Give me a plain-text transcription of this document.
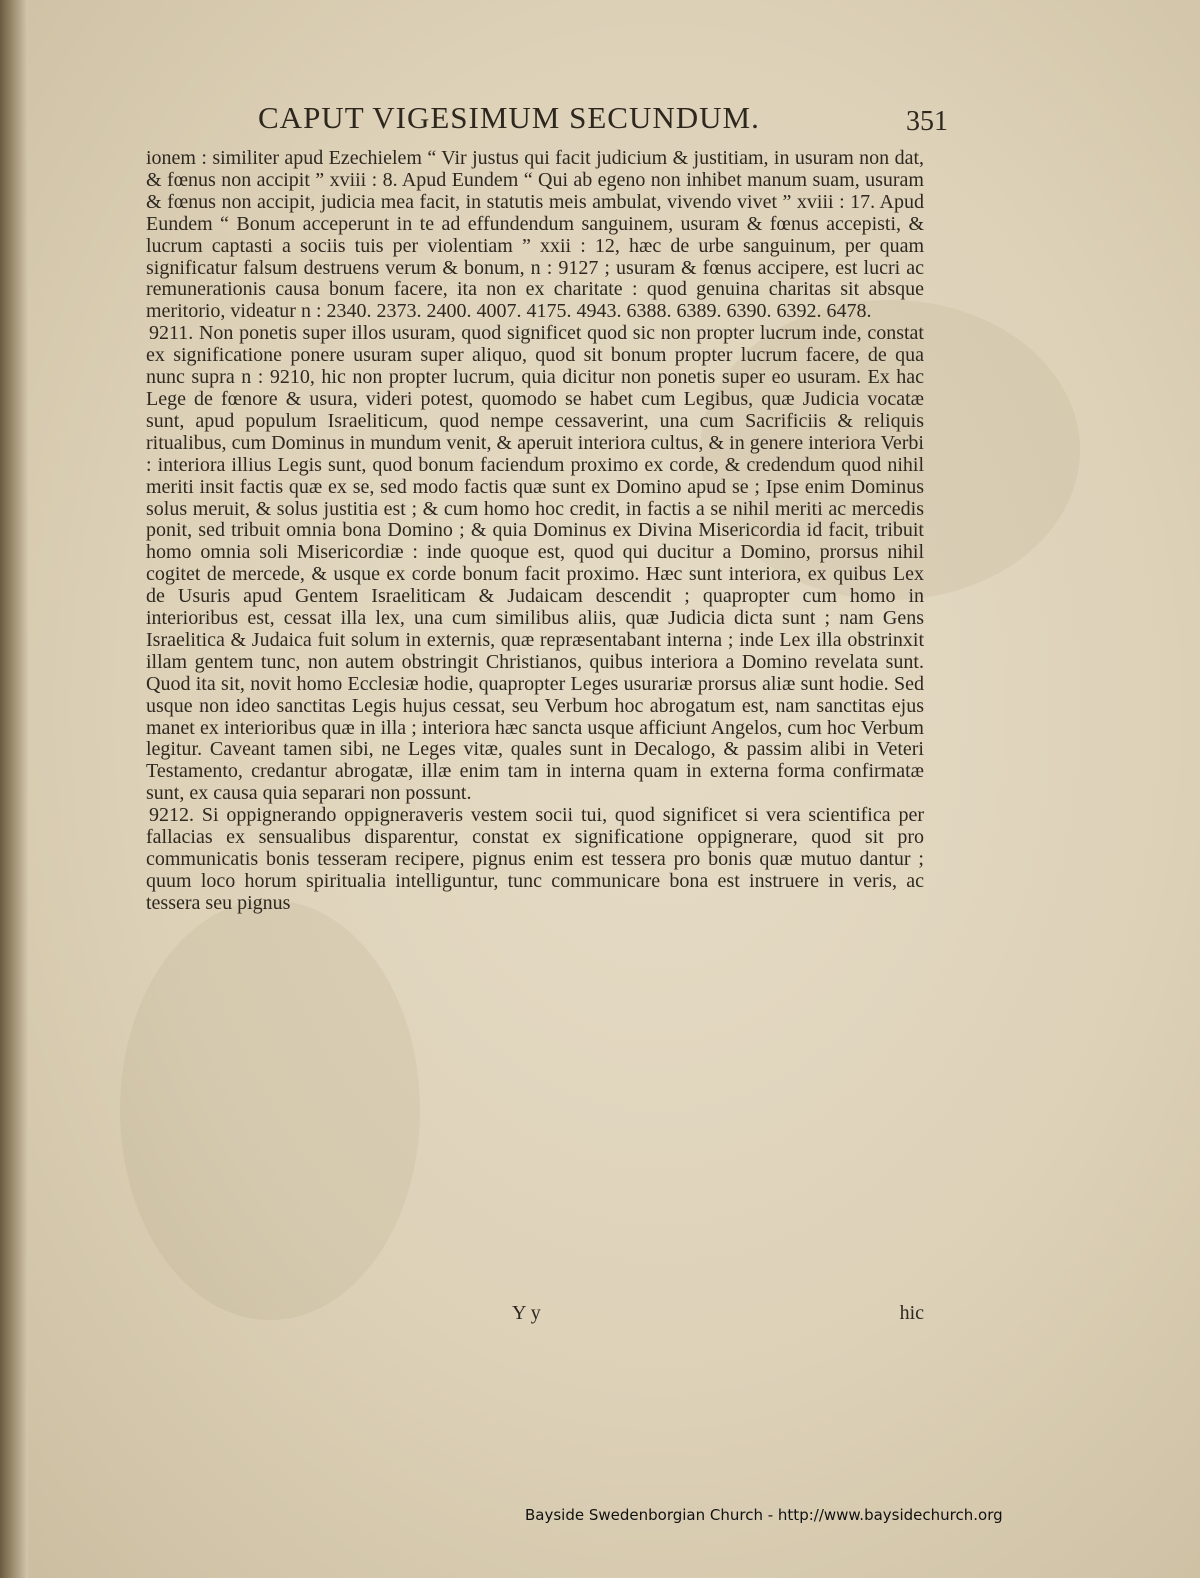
CAPUT VIGESIMUM SECUNDUM.	351

ionem : similiter apud Ezechielem “ Vir justus qui facit judicium & justitiam, in usuram non dat, & fœnus non accipit ” xviii : 8. Apud Eundem “ Qui ab egeno non inhibet manum suam, usuram & fœnus non accipit, judicia mea facit, in statutis meis ambulat, vivendo vivet ” xviii : 17. Apud Eundem “ Bonum acceperunt in te ad effundendum sanguinem, usuram & fœnus accepisti, & lucrum captasti a sociis tuis per violentiam ” xxii : 12, hæc de urbe sanguinum, per quam significatur falsum destruens verum & bonum, n : 9127 ; usuram & fœnus accipere, est lucri ac remunerationis causa bonum facere, ita non ex charitate : quod genuina charitas sit absque meritorio, videatur n : 2340. 2373. 2400. 4007. 4175. 4943. 6388. 6389. 6390. 6392. 6478.

9211. Non ponetis super illos usuram, quod significet quod sic non propter lucrum inde, constat ex significatione ponere usuram super aliquo, quod sit bonum propter lucrum facere, de qua nunc supra n : 9210, hic non propter lucrum, quia dicitur non ponetis super eo usuram. Ex hac Lege de fœnore & usura, videri potest, quomodo se habet cum Legibus, quæ Judicia vocatæ sunt, apud populum Israeliticum, quod nempe cessaverint, una cum Sacrificiis & reliquis ritualibus, cum Dominus in mundum venit, & aperuit interiora cultus, & in genere interiora Verbi : interiora illius Legis sunt, quod bonum faciendum proximo ex corde, & credendum quod nihil meriti insit factis quæ ex se, sed modo factis quæ sunt ex Domino apud se ; Ipse enim Dominus solus meruit, & solus justitia est ; & cum homo hoc credit, in factis a se nihil meriti ac mercedis ponit, sed tribuit omnia bona Domino ; & quia Dominus ex Divina Misericordia id facit, tribuit homo omnia soli Misericordiæ : inde quoque est, quod qui ducitur a Domino, prorsus nihil cogitet de mercede, & usque ex corde bonum facit proximo. Hæc sunt interiora, ex quibus Lex de Usuris apud Gentem Israeliticam & Judaicam descendit ; quapropter cum homo in interioribus est, cessat illa lex, una cum similibus aliis, quæ Judicia dicta sunt ; nam Gens Israelitica & Judaica fuit solum in externis, quæ repræsentabant interna ; inde Lex illa obstrinxit illam gentem tunc, non autem obstringit Christianos, quibus interiora a Domino revelata sunt. Quod ita sit, novit homo Ecclesiæ hodie, quapropter Leges usurariæ prorsus aliæ sunt hodie. Sed usque non ideo sanctitas Legis hujus cessat, seu Verbum hoc abrogatum est, nam sanctitas ejus manet ex interioribus quæ in illa ; interiora hæc sancta usque afficiunt Angelos, cum hoc Verbum legitur. Caveant tamen sibi, ne Leges vitæ, quales sunt in Decalogo, & passim alibi in Veteri Testamento, credantur abrogatæ, illæ enim tam in interna quam in externa forma confirmatæ sunt, ex causa quia separari non possunt.

9212. Si oppignerando oppigneraveris vestem socii tui, quod significet si vera scientifica per fallacias ex sensualibus disparentur, constat ex significatione oppignerare, quod sit pro communicatis bonis tesseram recipere, pignus enim est tessera pro bonis quæ mutuo dantur ; quum loco horum spiritualia intelliguntur, tunc communicare bona est instruere in veris, ac tessera seu pignus

Y y	hic
Bayside Swedenborgian Church - http://www.baysidechurch.org
